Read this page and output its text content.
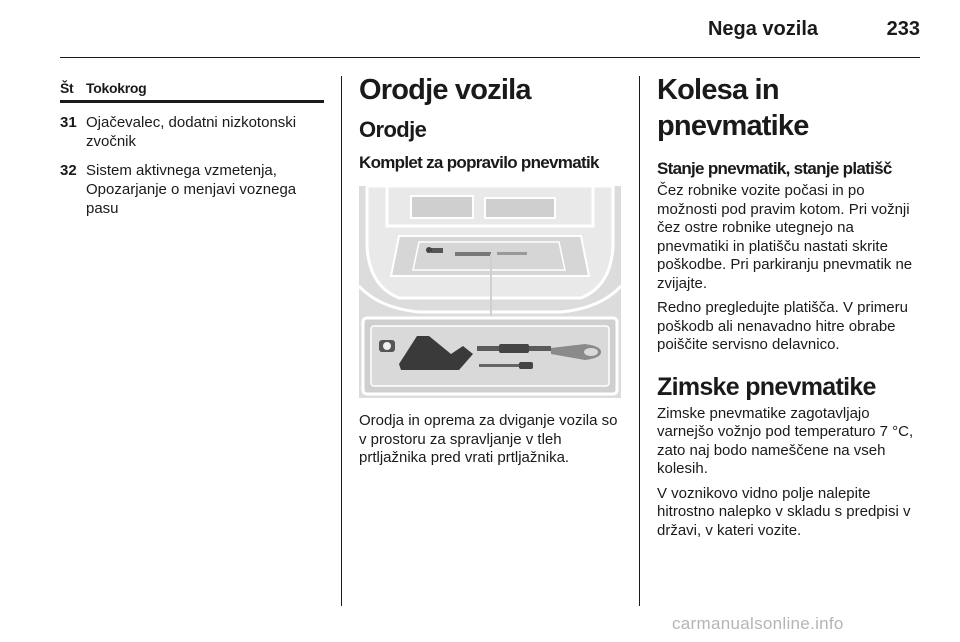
Nega vozila	233
Št Tokokrog
31 Ojačevalec, dodatni nizkotonski zvočnik
32 Sistem aktivnega vzmetenja, Opozarjanje o menjavi voznega pasu
Orodje vozila
Orodje
Komplet za popravilo pnevmatik

Orodja in oprema za dviganje vozila so v prostoru za spravljanje v tleh prtljažnika pred vrati prtljažnika.

Kolesa in pnevmatike
Stanje pnevmatik, stanje platišč

Čez robnike vozite počasi in po možnosti pod pravim kotom. Pri vožnji čez ostre robnike utegnejo na pnevmatiki in platišču nastati skrite poškodbe. Pri parkiranju pnevmatik ne zvijajte.

Redno pregledujte platišča. V primeru poškodb ali nenavadno hitre obrabe poiščite servisno delavnico.

Zimske pnevmatike

Zimske pnevmatike zagotavljajo varnejšo vožnjo pod temperaturo 7 °C, zato naj bodo nameščene na vseh kolesih.

V voznikovo vidno polje nalepite hitrostno nalepko v skladu s predpisi v državi, v kateri vozite.

carmanualsonline.info
